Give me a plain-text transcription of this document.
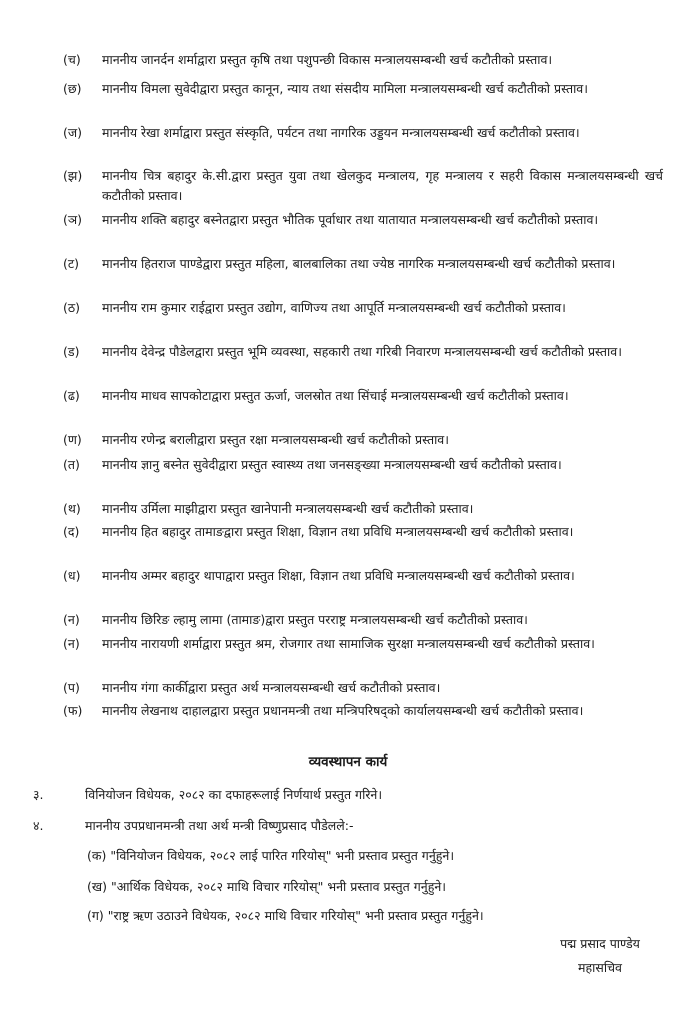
(च)	माननीय जानर्दन शर्माद्वारा प्रस्तुत कृषि तथा पशुपन्छी विकास मन्त्रालयसम्बन्धी खर्च कटौतीको प्रस्ताव।
(छ)	माननीय विमला सुवेदीद्वारा प्रस्तुत कानून, न्याय तथा संसदीय मामिला मन्त्रालयसम्बन्धी खर्च कटौतीको प्रस्ताव।
(ज)	माननीय रेखा शर्माद्वारा प्रस्तुत संस्कृति, पर्यटन तथा नागरिक उड्डयन मन्त्रालयसम्बन्धी खर्च कटौतीको प्रस्ताव।
(झ)	माननीय चित्र बहादुर के.सी.द्वारा प्रस्तुत युवा तथा खेलकुद मन्त्रालय, गृह मन्त्रालय र सहरी विकास मन्त्रालयसम्बन्धी खर्च कटौतीको प्रस्ताव।
(ञ)	माननीय शक्ति बहादुर बस्नेतद्वारा प्रस्तुत भौतिक पूर्वाधार तथा यातायात मन्त्रालयसम्बन्धी खर्च कटौतीको प्रस्ताव।
(ट)	माननीय हितराज पाण्डेद्वारा प्रस्तुत महिला, बालबालिका तथा ज्येष्ठ नागरिक मन्त्रालयसम्बन्धी खर्च कटौतीको प्रस्ताव।
(ठ)	माननीय राम कुमार राईद्वारा प्रस्तुत उद्योग, वाणिज्य तथा आपूर्ति मन्त्रालयसम्बन्धी खर्च कटौतीको प्रस्ताव।
(ड)	माननीय देवेन्द्र पौडेलद्वारा प्रस्तुत भूमि व्यवस्था, सहकारी तथा गरिबी निवारण मन्त्रालयसम्बन्धी खर्च कटौतीको प्रस्ताव।
(ढ)	माननीय माधव सापकोटाद्वारा प्रस्तुत ऊर्जा, जलस्रोत तथा सिंचाई मन्त्रालयसम्बन्धी खर्च कटौतीको प्रस्ताव।
(ण)	माननीय रणेन्द्र बरालीद्वारा प्रस्तुत रक्षा मन्त्रालयसम्बन्धी खर्च कटौतीको प्रस्ताव।
(त)	माननीय ज्ञानु बस्नेत सुवेदीद्वारा प्रस्तुत स्वास्थ्य तथा जनसङ्ख्या मन्त्रालयसम्बन्धी खर्च कटौतीको प्रस्ताव।
(थ)	माननीय उर्मिला माझीद्वारा प्रस्तुत खानेपानी मन्त्रालयसम्बन्धी खर्च कटौतीको प्रस्ताव।
(द)	माननीय हित बहादुर तामाङद्वारा प्रस्तुत शिक्षा, विज्ञान तथा प्रविधि मन्त्रालयसम्बन्धी खर्च कटौतीको प्रस्ताव।
(ध)	माननीय अम्मर बहादुर थापाद्वारा प्रस्तुत शिक्षा, विज्ञान तथा प्रविधि मन्त्रालयसम्बन्धी खर्च कटौतीको प्रस्ताव।
(न)	माननीय छिरिङ ल्हामु लामा (तामाङ)द्वारा प्रस्तुत परराष्ट्र मन्त्रालयसम्बन्धी खर्च कटौतीको प्रस्ताव।
(न)	माननीय नारायणी शर्माद्वारा प्रस्तुत श्रम, रोजगार तथा सामाजिक सुरक्षा मन्त्रालयसम्बन्धी खर्च कटौतीको प्रस्ताव।
(प)	माननीय गंगा कार्कीद्वारा प्रस्तुत अर्थ मन्त्रालयसम्बन्धी खर्च कटौतीको प्रस्ताव।
(फ)	माननीय लेखनाथ दाहालद्वारा प्रस्तुत प्रधानमन्त्री तथा मन्त्रिपरिषद्को कार्यालयसम्बन्धी खर्च कटौतीको प्रस्ताव।
व्यवस्थापन कार्य
३.	विनियोजन विधेयक, २०८२ का दफाहरूलाई निर्णयार्थ प्रस्तुत गरिने।
४.	माननीय उपप्रधानमन्त्री तथा अर्थ मन्त्री विष्णुप्रसाद पौडेलले:-
(क) "विनियोजन विधेयक, २०८२ लाई पारित गरियोस्" भनी प्रस्ताव प्रस्तुत गर्नुहुने।
(ख) "आर्थिक विधेयक, २०८२ माथि विचार गरियोस्" भनी प्रस्ताव प्रस्तुत गर्नुहुने।
(ग) "राष्ट्र ऋण उठाउने विधेयक, २०८२ माथि विचार गरियोस्" भनी प्रस्ताव प्रस्तुत गर्नुहुने।
पद्म प्रसाद पाण्डेय
महासचिव
